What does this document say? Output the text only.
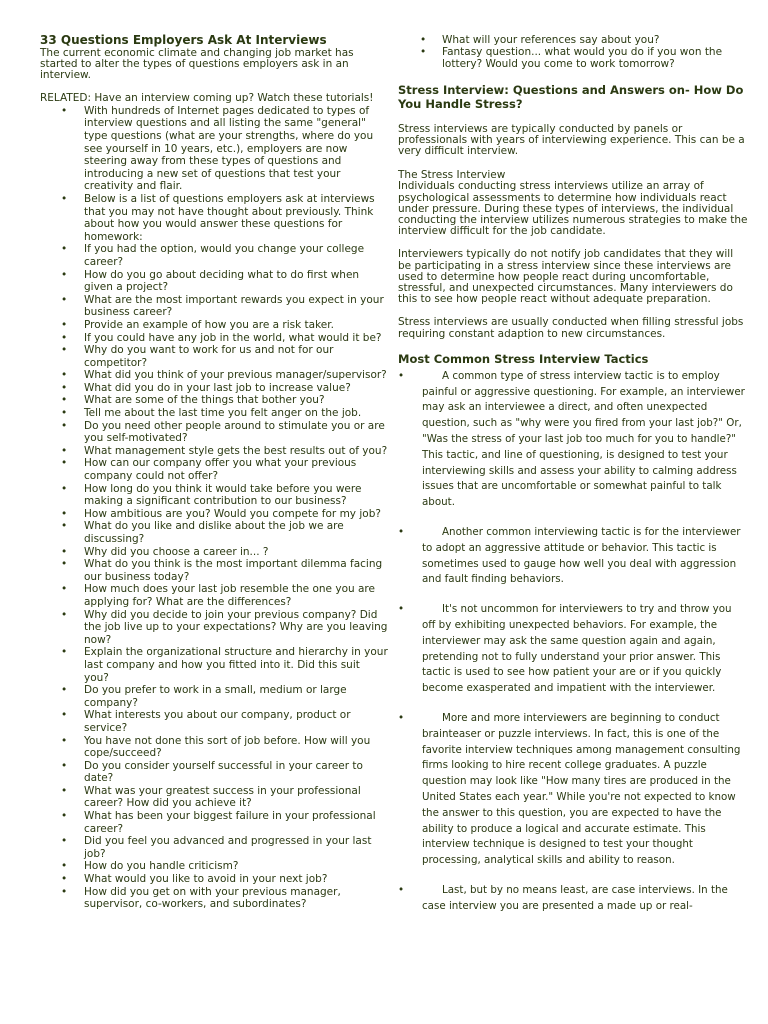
33 Questions Employers Ask At Interviews

The current economic climate and changing job market has started to alter the types of questions employers ask in an interview.

RELATED: Have an interview coming up? Watch these tutorials!

• With hundreds of Internet pages dedicated to types of interview questions and all listing the same "general" type questions (what are your strengths, where do you see yourself in 10 years, etc.), employers are now steering away from these types of questions and introducing a new set of questions that test your creativity and flair.
• Below is a list of questions employers ask at interviews that you may not have thought about previously. Think about how you would answer these questions for homework:
• If you had the option, would you change your college career?
• How do you go about deciding what to do first when given a project?
• What are the most important rewards you expect in your business career?
• Provide an example of how you are a risk taker.
• If you could have any job in the world, what would it be?
• Why do you want to work for us and not for our competitor?
• What did you think of your previous manager/supervisor?
• What did you do in your last job to increase value?
• What are some of the things that bother you?
• Tell me about the last time you felt anger on the job.
• Do you need other people around to stimulate you or are you self-motivated?
• What management style gets the best results out of you?
• How can our company offer you what your previous company could not offer?
• How long do you think it would take before you were making a significant contribution to our business?
• How ambitious are you? Would you compete for my job?
• What do you like and dislike about the job we are discussing?
• Why did you choose a career in... ?
• What do you think is the most important dilemma facing our business today?
• How much does your last job resemble the one you are applying for? What are the differences?
• Why did you decide to join your previous company? Did the job live up to your expectations? Why are you leaving now?
• Explain the organizational structure and hierarchy in your last company and how you fitted into it. Did this suit you?
• Do you prefer to work in a small, medium or large company?
• What interests you about our company, product or service?
• You have not done this sort of job before. How will you cope/succeed?
• Do you consider yourself successful in your career to date?
• What was your greatest success in your professional career? How did you achieve it?
• What has been your biggest failure in your professional career?
• Did you feel you advanced and progressed in your last job?
• How do you handle criticism?
• What would you like to avoid in your next job?
• How did you get on with your previous manager, supervisor, co-workers, and subordinates?
• What will your references say about you?
• Fantasy question... what would you do if you won the lottery? Would you come to work tomorrow?
Stress Interview: Questions and Answers on- How Do You Handle Stress?

Stress interviews are typically conducted by panels or professionals with years of interviewing experience. This can be a very difficult interview.

The Stress Interview

Individuals conducting stress interviews utilize an array of psychological assessments to determine how individuals react under pressure. During these types of interviews, the individual conducting the interview utilizes numerous strategies to make the interview difficult for the job candidate.

Interviewers typically do not notify job candidates that they will be participating in a stress interview since these interviews are used to determine how people react during uncomfortable, stressful, and unexpected circumstances. Many interviewers do this to see how people react without adequate preparation.

Stress interviews are usually conducted when filling stressful jobs requiring constant adaption to new circumstances.

Most Common Stress Interview Tactics
•	A common type of stress interview tactic is to employ painful or aggressive questioning. For example, an interviewer may ask an interviewee a direct, and often unexpected question, such as "why were you fired from your last job?" Or, "Was the stress of your last job too much for you to handle?" This tactic, and line of questioning, is designed to test your interviewing skills and assess your ability to calming address issues that are uncomfortable or somewhat painful to talk about.
•	Another common interviewing tactic is for the interviewer to adopt an aggressive attitude or behavior. This tactic is sometimes used to gauge how well you deal with aggression and fault finding behaviors.
•	It's not uncommon for interviewers to try and throw you off by exhibiting unexpected behaviors. For example, the interviewer may ask the same question again and again, pretending not to fully understand your prior answer. This tactic is used to see how patient your are or if you quickly become exasperated and impatient with the interviewer.
•	More and more interviewers are beginning to conduct brainteaser or puzzle interviews. In fact, this is one of the favorite interview techniques among management consulting firms looking to hire recent college graduates. A puzzle question may look like "How many tires are produced in the United States each year." While you're not expected to know the answer to this question, you are expected to have the ability to produce a logical and accurate estimate. This interview technique is designed to test your thought processing, analytical skills and ability to reason.
•	Last, but by no means least, are case interviews. In the case interview you are presented a made up or real-
